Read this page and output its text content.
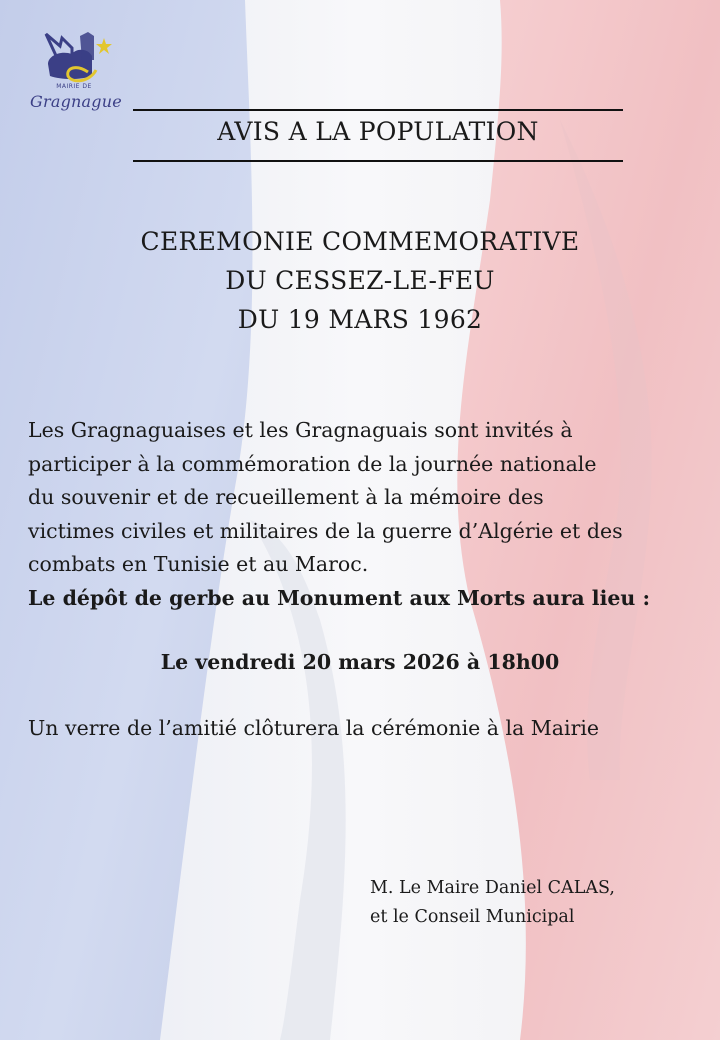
MAIRIE DE
Gragnague
AVIS A LA POPULATION
CEREMONIE COMMEMORATIVE
DU CESSEZ-LE-FEU
DU 19 MARS 1962

Les Gragnaguaises et les Gragnaguais sont invités à

participer à la commémoration de la journée nationale

du souvenir et de recueillement à la mémoire des

victimes civiles et militaires de la guerre d’Algérie et des

combats en Tunisie et au Maroc.

Le dépôt de gerbe au Monument aux Morts aura lieu :

Le vendredi 20 mars 2026 à 18h00
Un verre de l’amitié clôturera la cérémonie à la Mairie
M. Le Maire Daniel CALAS,
et le Conseil Municipal
